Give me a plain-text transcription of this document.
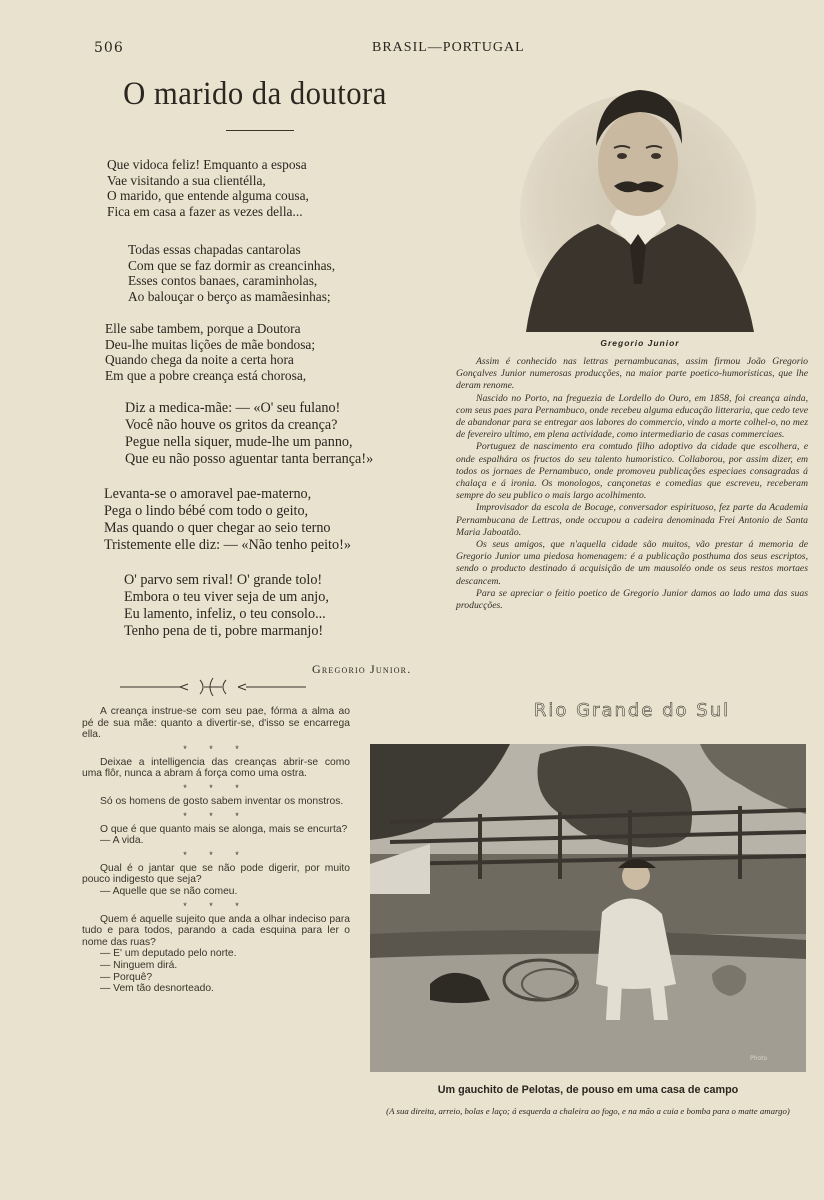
506	BRASIL—PORTUGAL
O marido da doutora
Que vidoca feliz! Emquanto a esposa
Vae visitando a sua clientélla,
O marido, que entende alguma cousa,
Fica em casa a fazer as vezes della...
Todas essas chapadas cantarolas
Com que se faz dormir as creancinhas,
Esses contos banaes, caraminholas,
Ao balouçar o berço as mamãesinhas;
Elle sabe tambem, porque a Doutora
Deu-lhe muitas lições de mãe bondosa;
Quando chega da noite a certa hora
Em que a pobre creança está chorosa,
Diz a medica-mãe: — «O' seu fulano!
Você não houve os gritos da creança?
Pegue nella siquer, mude-lhe um panno,
Que eu não posso aguentar tanta berrança!»
Levanta-se o amoravel pae-materno,
Pega o lindo bébé com todo o geito,
Mas quando o quer chegar ao seio terno
Tristemente elle diz: — «Não tenho peito!»
O' parvo sem rival! O' grande tolo!
Embora o teu viver seja de um anjo,
Eu lamento, infeliz, o teu consolo...
Tenho pena de ti, pobre marmanjo!
Gregorio Junior.

A creança instrue-se com seu pae, fórma a alma ao pé de sua mãe: quanto a divertir-se, d'isso se encarrega ella.

* * *

Deixae a intelligencia das creanças abrir-se como uma flôr, nunca a abram á força como uma ostra.

* * *

Só os homens de gosto sabem inventar os monstros.

* * *

O que é que quanto mais se alonga, mais se encurta?

— A vida.

* * *

Qual é o jantar que se não pode digerir, por muito pouco indigesto que seja?

— Aquelle que se não comeu.

* * *

Quem é aquelle sujeito que anda a olhar indeciso para tudo e para todos, parando a cada esquina para ler o nome das ruas?

— E' um deputado pelo norte.

— Ninguem dirá.

— Porquê?

— Vem tão desnorteado.

Bertinho
Gregorio Junior

Assim é conhecido nas lettras pernambucanas, assim firmou João Gregorio Gonçalves Junior numerosas producções, na maior parte poetico-humoristicas, que lhe deram renome.

Nascido no Porto, na freguezia de Lordello do Ouro, em 1858, foi creança ainda, com seus paes para Pernambuco, onde recebeu alguma educação litteraria, que cedo teve de abandonar para se entregar aos labores do commercio, vindo a morte colhel-o, no mez de fevereiro ultimo, em plena actividade, como intermediario de casas commerciaes.

Portuguez de nascimento era comtudo filho adoptivo da cidade que escolhera, e onde espalhára os fructos do seu talento humoristico. Collaborou, por assim dizer, em todos os jornaes de Pernambuco, onde promoveu publicações especiaes consagradas á chalaça e á ironia. Os monologos, cançonetas e comedias que escreveu, receberam sempre do seu publico o mais largo acolhimento.

Improvisador da escola de Bocage, conversador espirituoso, fez parte da Academia Pernambucana de Lettras, onde occupou a cadeira denominada Frei Antonio de Santa Maria Jaboatão.

Os seus amigos, que n'aquella cidade são muitos, vão prestar á memoria de Gregorio Junior uma piedosa homenagem: é a publicação posthuma dos seus escriptos, sendo o producto destinado á acquisição de um mausoléo onde os seus restos mortaes descancem.

Para se apreciar o feitio poetico de Gregorio Junior damos ao lado uma das suas producções.

Rio Grande do Sul
Photo
Um gauchito de Pelotas, de pouso em uma casa de campo
(A sua direita, arreio, bolas e laço; á esquerda a chaleira ao fogo, e na mão a cuia e bomba para o matte amargo)
